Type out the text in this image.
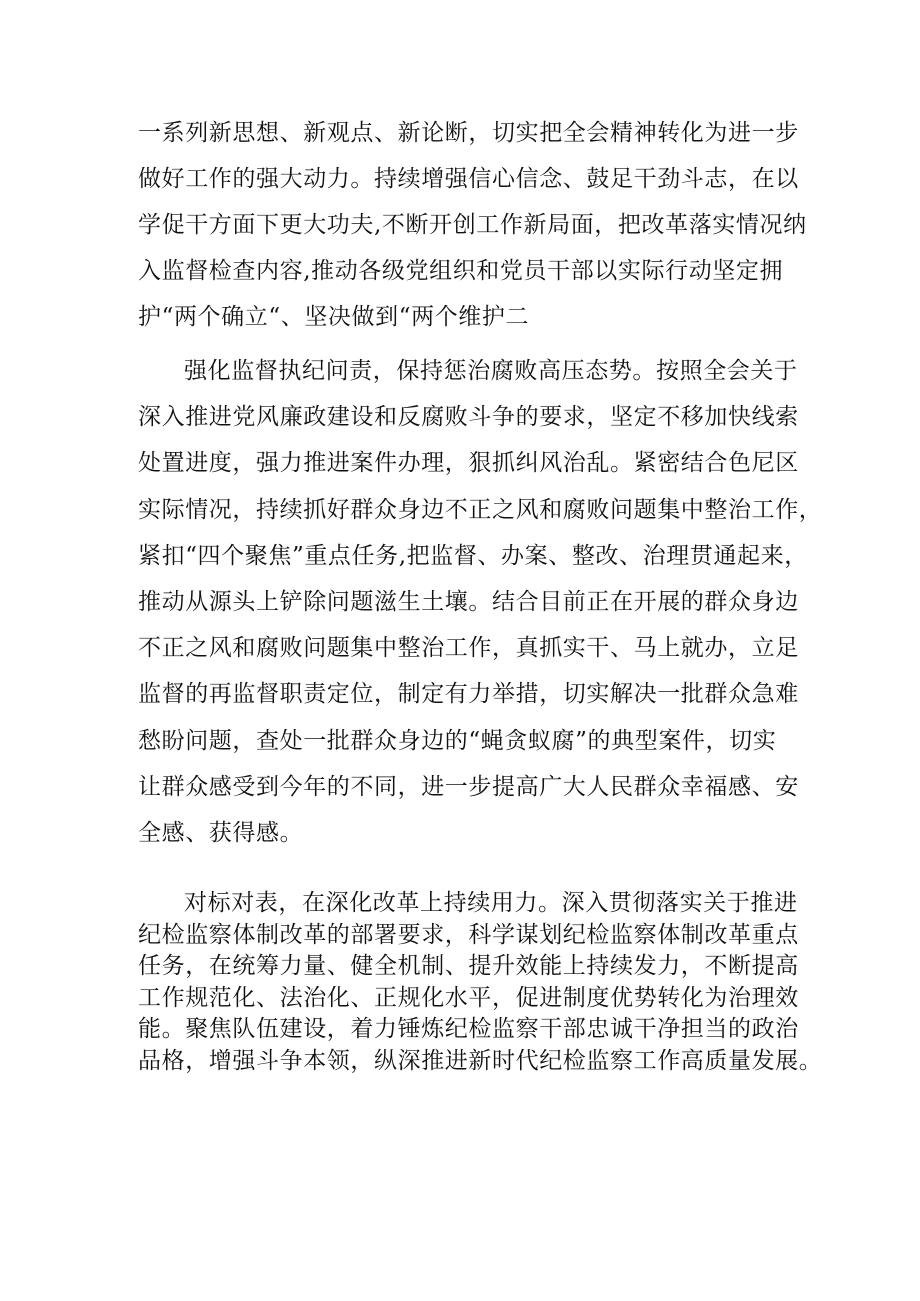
一系列新思想、新观点、新论断，切实把全会精神转化为进一步
做好工作的强大动力。持续增强信心信念、鼓足干劲斗志，在以
学促干方面下更大功夫,不断开创工作新局面，把改革落实情况纳
入监督检查内容,推动各级党组织和党员干部以实际行动坚定拥
护“两个确立“、坚决做到“两个维护二
强化监督执纪问责，保持惩治腐败高压态势。按照全会关于
深入推进党风廉政建设和反腐败斗争的要求，坚定不移加快线索
处置进度，强力推进案件办理，狠抓纠风治乱。紧密结合色尼区
实际情况，持续抓好群众身边不正之风和腐败问题集中整治工作，
紧扣“四个聚焦”重点任务,把监督、办案、整改、治理贯通起来，
推动从源头上铲除问题滋生土壤。结合目前正在开展的群众身边
不正之风和腐败问题集中整治工作，真抓实干、马上就办，立足
监督的再监督职责定位，制定有力举措，切实解决一批群众急难
愁盼问题，查处一批群众身边的“蝇贪蚁腐”的典型案件，切实
让群众感受到今年的不同，进一步提高广大人民群众幸福感、安
全感、获得感。
对标对表，在深化改革上持续用力。深入贯彻落实关于推进
纪检监察体制改革的部署要求，科学谋划纪检监察体制改革重点
任务，在统筹力量、健全机制、提升效能上持续发力，不断提高
工作规范化、法治化、正规化水平，促进制度优势转化为治理效
能。聚焦队伍建设，着力锤炼纪检监察干部忠诚干净担当的政治
品格，增强斗争本领，纵深推进新时代纪检监察工作高质量发展。
